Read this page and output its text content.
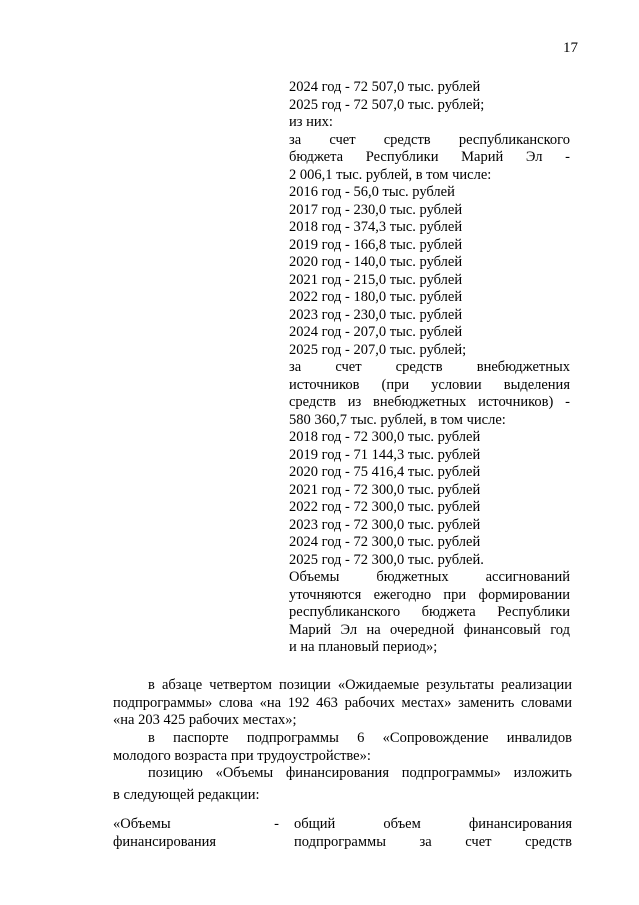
17
2024 год - 72 507,0 тыс. рублей
2025 год - 72 507,0 тыс. рублей;
из них:
за счет средств республиканского
бюджета Республики Марий Эл -
2 006,1 тыс. рублей, в том числе:
2016 год - 56,0 тыс. рублей
2017 год - 230,0 тыс. рублей
2018 год - 374,3 тыс. рублей
2019 год - 166,8 тыс. рублей
2020 год - 140,0 тыс. рублей
2021 год - 215,0 тыс. рублей
2022 год - 180,0 тыс. рублей
2023 год - 230,0 тыс. рублей
2024 год - 207,0 тыс. рублей
2025 год - 207,0 тыс. рублей;
за счет средств внебюджетных
источников (при условии выделения
средств из внебюджетных источников) -
580 360,7 тыс. рублей, в том числе:
2018 год - 72 300,0 тыс. рублей
2019 год - 71 144,3 тыс. рублей
2020 год - 75 416,4 тыс. рублей
2021 год - 72 300,0 тыс. рублей
2022 год - 72 300,0 тыс. рублей
2023 год - 72 300,0 тыс. рублей
2024 год - 72 300,0 тыс. рублей
2025 год - 72 300,0 тыс. рублей.
Объемы бюджетных ассигнований
уточняются ежегодно при формировании
республиканского бюджета Республики
Марий Эл на очередной финансовый год
и на плановый период»;
в абзаце четвертом позиции «Ожидаемые результаты реализации
подпрограммы» слова «на 192 463 рабочих местах» заменить словами
«на 203 425 рабочих местах»;
в паспорте подпрограммы 6 «Сопровождение инвалидов
молодого возраста при трудоустройстве»:
позицию «Объемы финансирования подпрограммы» изложить
в следующей редакции:
«Объемы -
финансирования
общий объем финансирования
подпрограммы за счет средств
